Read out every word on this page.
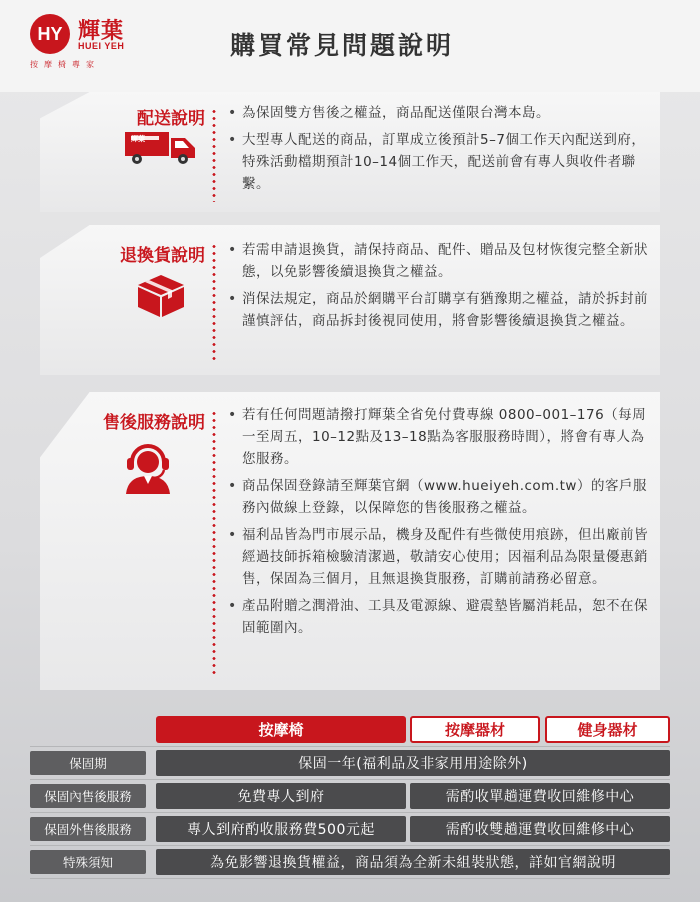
HY 輝葉
HUEI YEH
按摩椅專家
購買常見問題說明
配送說明
輝葉
• 為保固雙方售後之權益，商品配送僅限台灣本島。
• 大型專人配送的商品，訂單成立後預計5–7個工作天內配送到府，特殊活動檔期預計10–14個工作天，配送前會有專人與收件者聯繫。
退換貨說明	• 若需申請退換貨，請保持商品、配件、贈品及包材恢復完整全新狀態，以免影響後續退換貨之權益。
• 消保法規定，商品於網購平台訂購享有猶豫期之權益，請於拆封前謹慎評估，商品拆封後視同使用，將會影響後續退換貨之權益。
售後服務說明	• 若有任何問題請撥打輝葉全省免付費專線 0800–001–176（每周一至周五，10–12點及13–18點為客服服務時間），將會有專人為您服務。
• 商品保固登錄請至輝葉官網（www.hueiyeh.com.tw）的客戶服務內做線上登錄，以保障您的售後服務之權益。
• 福利品皆為門市展示品，機身及配件有些微使用痕跡，但出廠前皆經過技師拆箱檢驗清潔過，敬請安心使用；因福利品為限量優惠銷售，保固為三個月，且無退換貨服務，訂購前請務必留意。
• 產品附贈之潤滑油、工具及電源線、避震墊皆屬消耗品，恕不在保固範圍內。
按摩椅	按摩器材	健身器材
保固期	保固一年(福利品及非家用用途除外)
保固內售後服務	免費專人到府	需酌收單趟運費收回維修中心
保固外售後服務	專人到府酌收服務費500元起	需酌收雙趟運費收回維修中心
特殊須知	為免影響退換貨權益，商品須為全新未組裝狀態，詳如官網說明
